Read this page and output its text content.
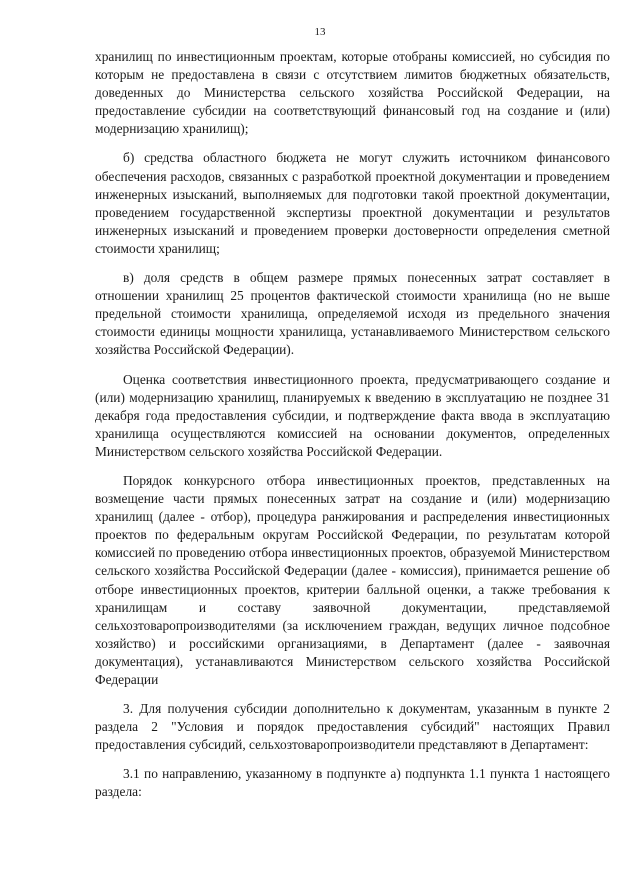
13

хранилищ по инвестиционным проектам, которые отобраны комиссией, но субсидия по которым не предоставлена в связи с отсутствием лимитов бюджетных обязательств, доведенных до Министерства сельского хозяйства Российской Федерации, на предоставление субсидии на соответствующий финансовый год на создание и (или) модернизацию хранилищ);

б) средства областного бюджета не могут служить источником финансового обеспечения расходов, связанных с разработкой проектной документации и проведением инженерных изысканий, выполняемых для подготовки такой проектной документации, проведением государственной экспертизы проектной документации и результатов инженерных изысканий и проведением проверки достоверности определения сметной стоимости хранилищ;

в) доля средств в общем размере прямых понесенных затрат составляет в отношении хранилищ 25 процентов фактической стоимости хранилища (но не выше предельной стоимости хранилища, определяемой исходя из предельного значения стоимости единицы мощности хранилища, устанавливаемого Министерством сельского хозяйства Российской Федерации).

Оценка соответствия инвестиционного проекта, предусматривающего создание и (или) модернизацию хранилищ, планируемых к введению в эксплуатацию не позднее 31 декабря года предоставления субсидии, и подтверждение факта ввода в эксплуатацию хранилища осуществляются комиссией на основании документов, определенных Министерством сельского хозяйства Российской Федерации.

Порядок конкурсного отбора инвестиционных проектов, представленных на возмещение части прямых понесенных затрат на создание и (или) модернизацию хранилищ (далее - отбор), процедура ранжирования и распределения инвестиционных проектов по федеральным округам Российской Федерации, по результатам которой комиссией по проведению отбора инвестиционных проектов, образуемой Министерством сельского хозяйства Российской Федерации (далее - комиссия), принимается решение об отборе инвестиционных проектов, критерии балльной оценки, а также требования к хранилищам и составу заявочной документации, представляемой сельхозтоваропроизводителями (за исключением граждан, ведущих личное подсобное хозяйство) и российскими организациями, в Департамент (далее - заявочная документация), устанавливаются Министерством сельского хозяйства Российской Федерации

3. Для получения субсидии дополнительно к документам, указанным в пункте 2 раздела 2 "Условия и порядок предоставления субсидий" настоящих Правил предоставления субсидий, сельхозтоваропроизводители представляют в Департамент:

3.1 по направлению, указанному в подпункте а) подпункта 1.1 пункта 1 настоящего раздела:
